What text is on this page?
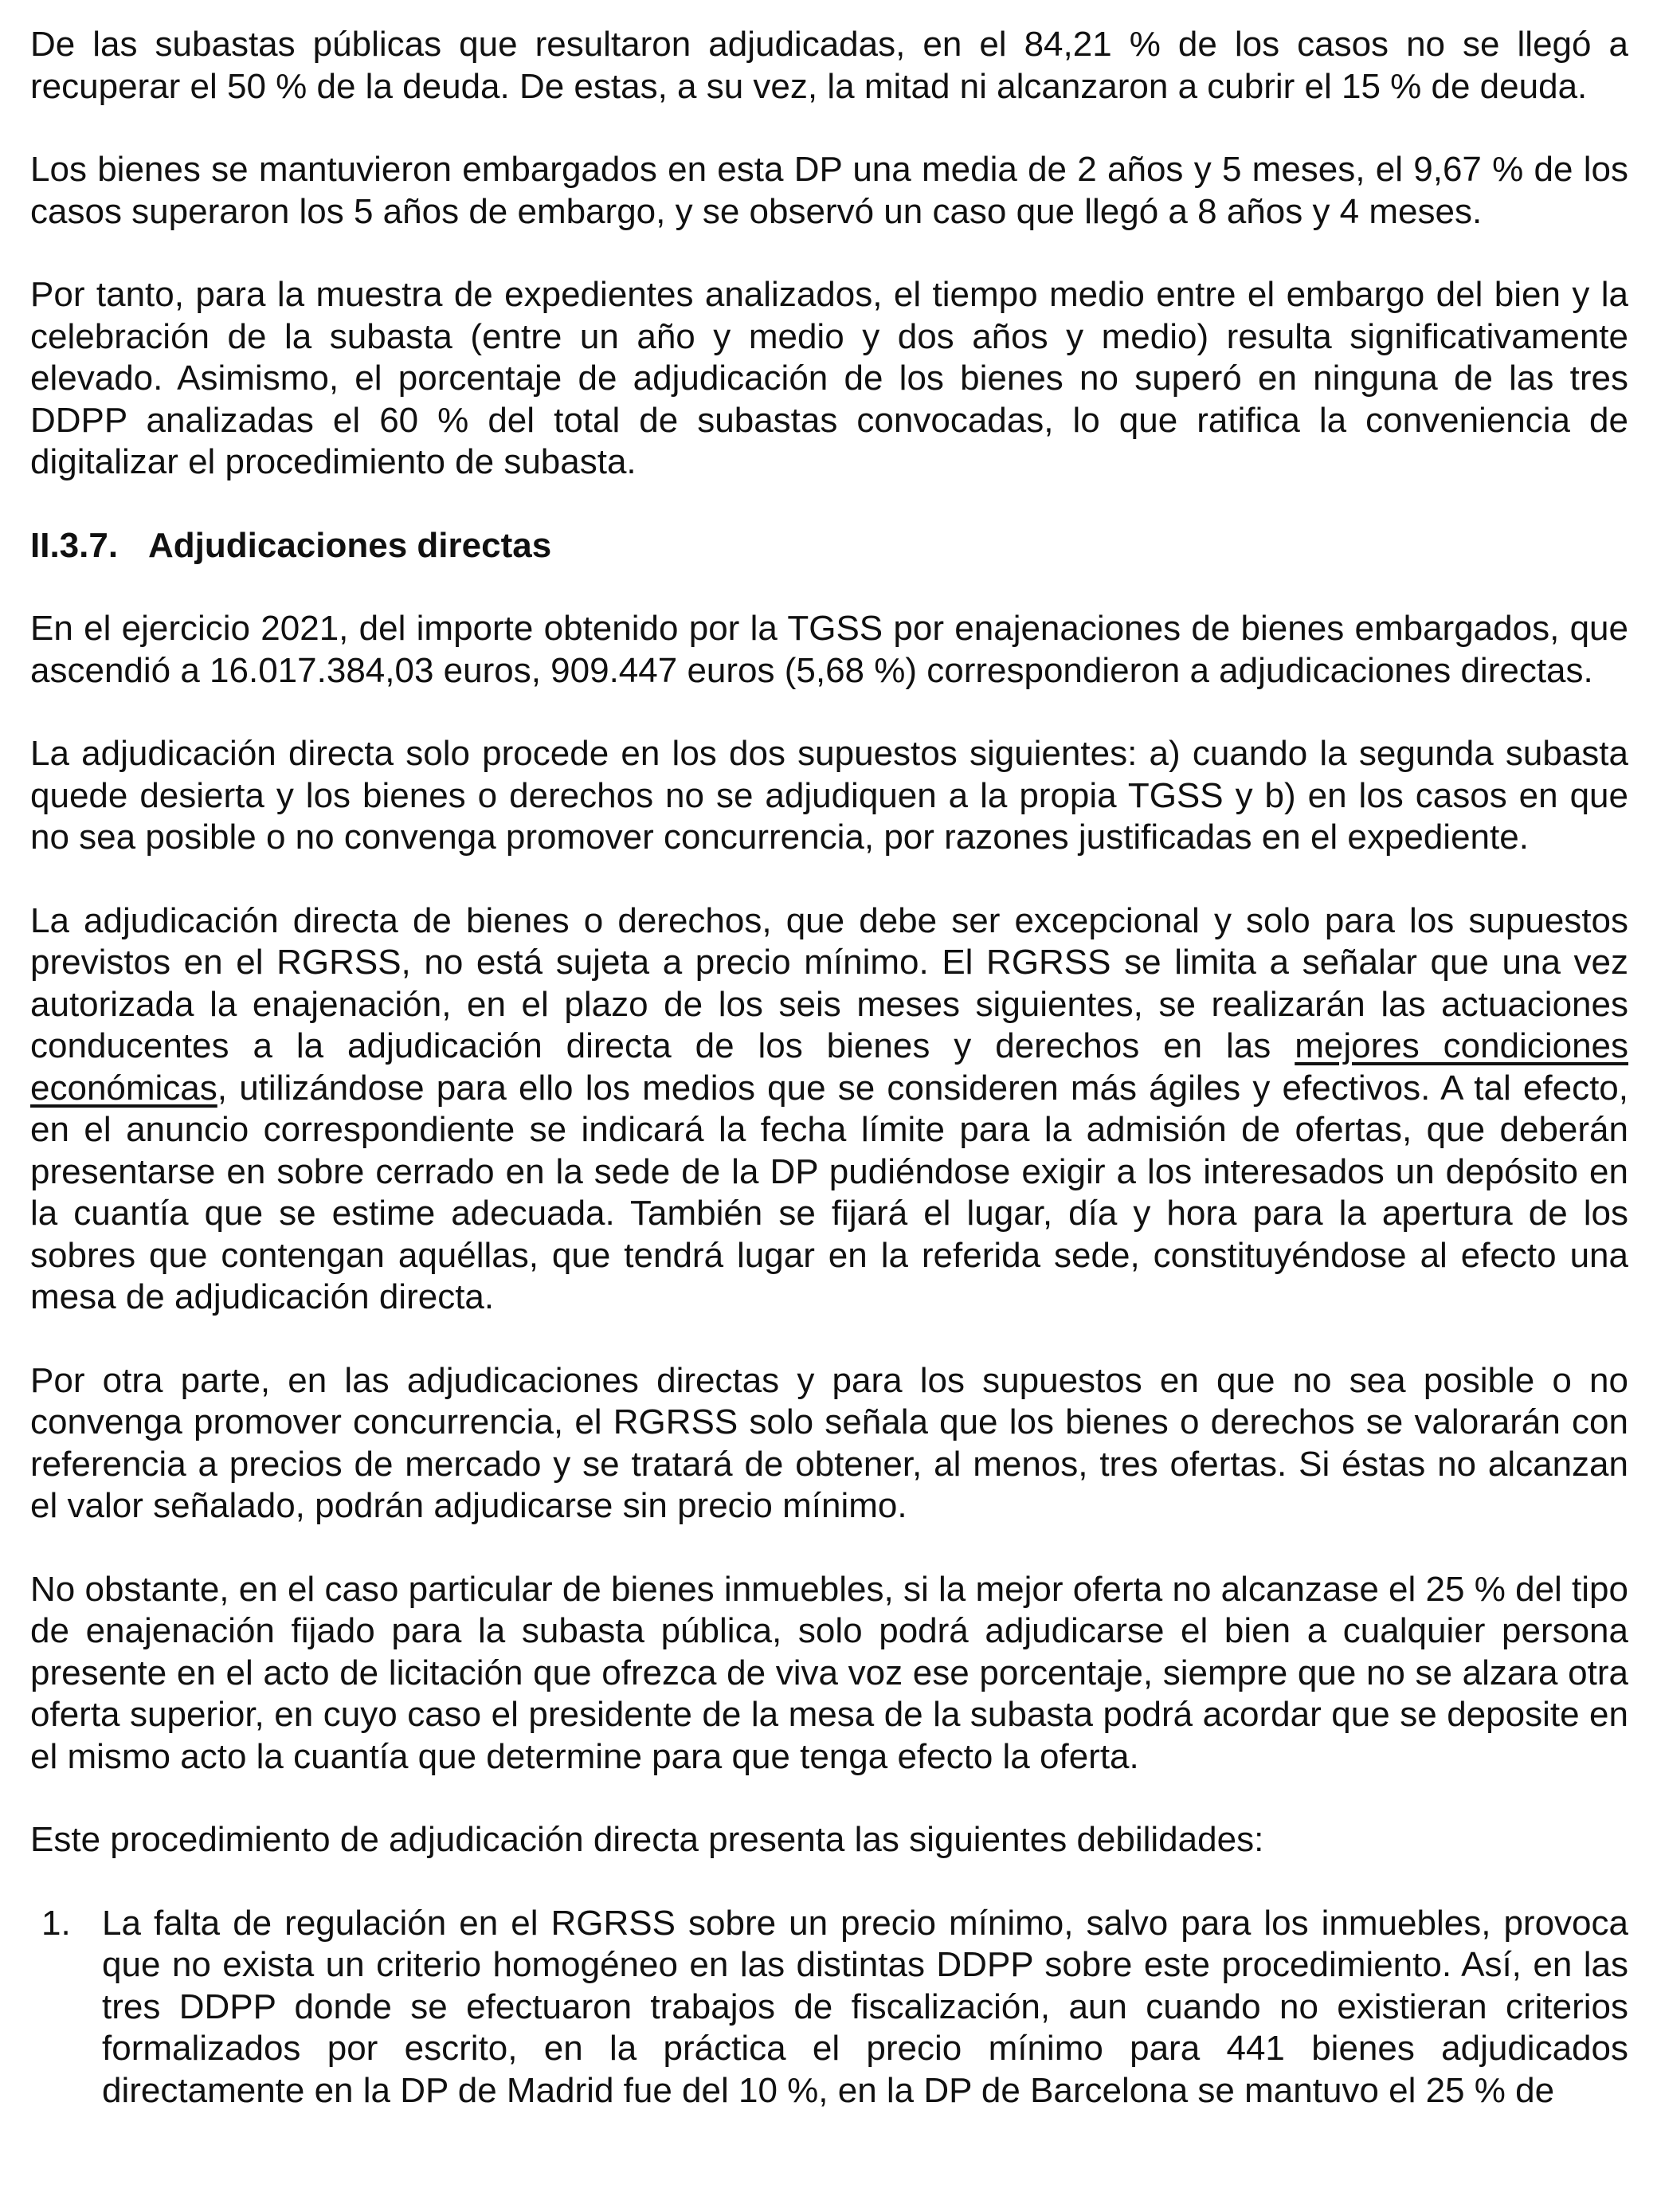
De las subastas públicas que resultaron adjudicadas, en el 84,21 % de los casos no se llegó a recuperar el 50 % de la deuda. De estas, a su vez, la mitad ni alcanzaron a cubrir el 15 % de deuda.

Los bienes se mantuvieron embargados en esta DP una media de 2 años y 5 meses, el 9,67 % de los casos superaron los 5 años de embargo, y se observó un caso que llegó a 8 años y 4 meses.

Por tanto, para la muestra de expedientes analizados, el tiempo medio entre el embargo del bien y la celebración de la subasta (entre un año y medio y dos años y medio) resulta significativamente elevado. Asimismo, el porcentaje de adjudicación de los bienes no superó en ninguna de las tres DDPP analizadas el 60 % del total de subastas convocadas, lo que ratifica la conveniencia de digitalizar el procedimiento de subasta.

II.3.7. Adjudicaciones directas

En el ejercicio 2021, del importe obtenido por la TGSS por enajenaciones de bienes embargados, que ascendió a 16.017.384,03 euros, 909.447 euros (5,68 %) correspondieron a adjudicaciones directas.

La adjudicación directa solo procede en los dos supuestos siguientes: a) cuando la segunda subasta quede desierta y los bienes o derechos no se adjudiquen a la propia TGSS y b) en los casos en que no sea posible o no convenga promover concurrencia, por razones justificadas en el expediente.

La adjudicación directa de bienes o derechos, que debe ser excepcional y solo para los supuestos previstos en el RGRSS, no está sujeta a precio mínimo. El RGRSS se limita a señalar que una vez autorizada la enajenación, en el plazo de los seis meses siguientes, se realizarán las actuaciones conducentes a la adjudicación directa de los bienes y derechos en las mejores condiciones económicas, utilizándose para ello los medios que se consideren más ágiles y efectivos. A tal efecto, en el anuncio correspondiente se indicará la fecha límite para la admisión de ofertas, que deberán presentarse en sobre cerrado en la sede de la DP pudiéndose exigir a los interesados un depósito en la cuantía que se estime adecuada. También se fijará el lugar, día y hora para la apertura de los sobres que contengan aquéllas, que tendrá lugar en la referida sede, constituyéndose al efecto una mesa de adjudicación directa.

Por otra parte, en las adjudicaciones directas y para los supuestos en que no sea posible o no convenga promover concurrencia, el RGRSS solo señala que los bienes o derechos se valorarán con referencia a precios de mercado y se tratará de obtener, al menos, tres ofertas. Si éstas no alcanzan el valor señalado, podrán adjudicarse sin precio mínimo.

No obstante, en el caso particular de bienes inmuebles, si la mejor oferta no alcanzase el 25 % del tipo de enajenación fijado para la subasta pública, solo podrá adjudicarse el bien a cualquier persona presente en el acto de licitación que ofrezca de viva voz ese porcentaje, siempre que no se alzara otra oferta superior, en cuyo caso el presidente de la mesa de la subasta podrá acordar que se deposite en el mismo acto la cuantía que determine para que tenga efecto la oferta.

Este procedimiento de adjudicación directa presenta las siguientes debilidades:

1. La falta de regulación en el RGRSS sobre un precio mínimo, salvo para los inmuebles, provoca que no exista un criterio homogéneo en las distintas DDPP sobre este procedimiento. Así, en las tres DDPP donde se efectuaron trabajos de fiscalización, aun cuando no existieran criterios formalizados por escrito, en la práctica el precio mínimo para 441 bienes adjudicados directamente en la DP de Madrid fue del 10 %, en la DP de Barcelona se mantuvo el 25 % de
